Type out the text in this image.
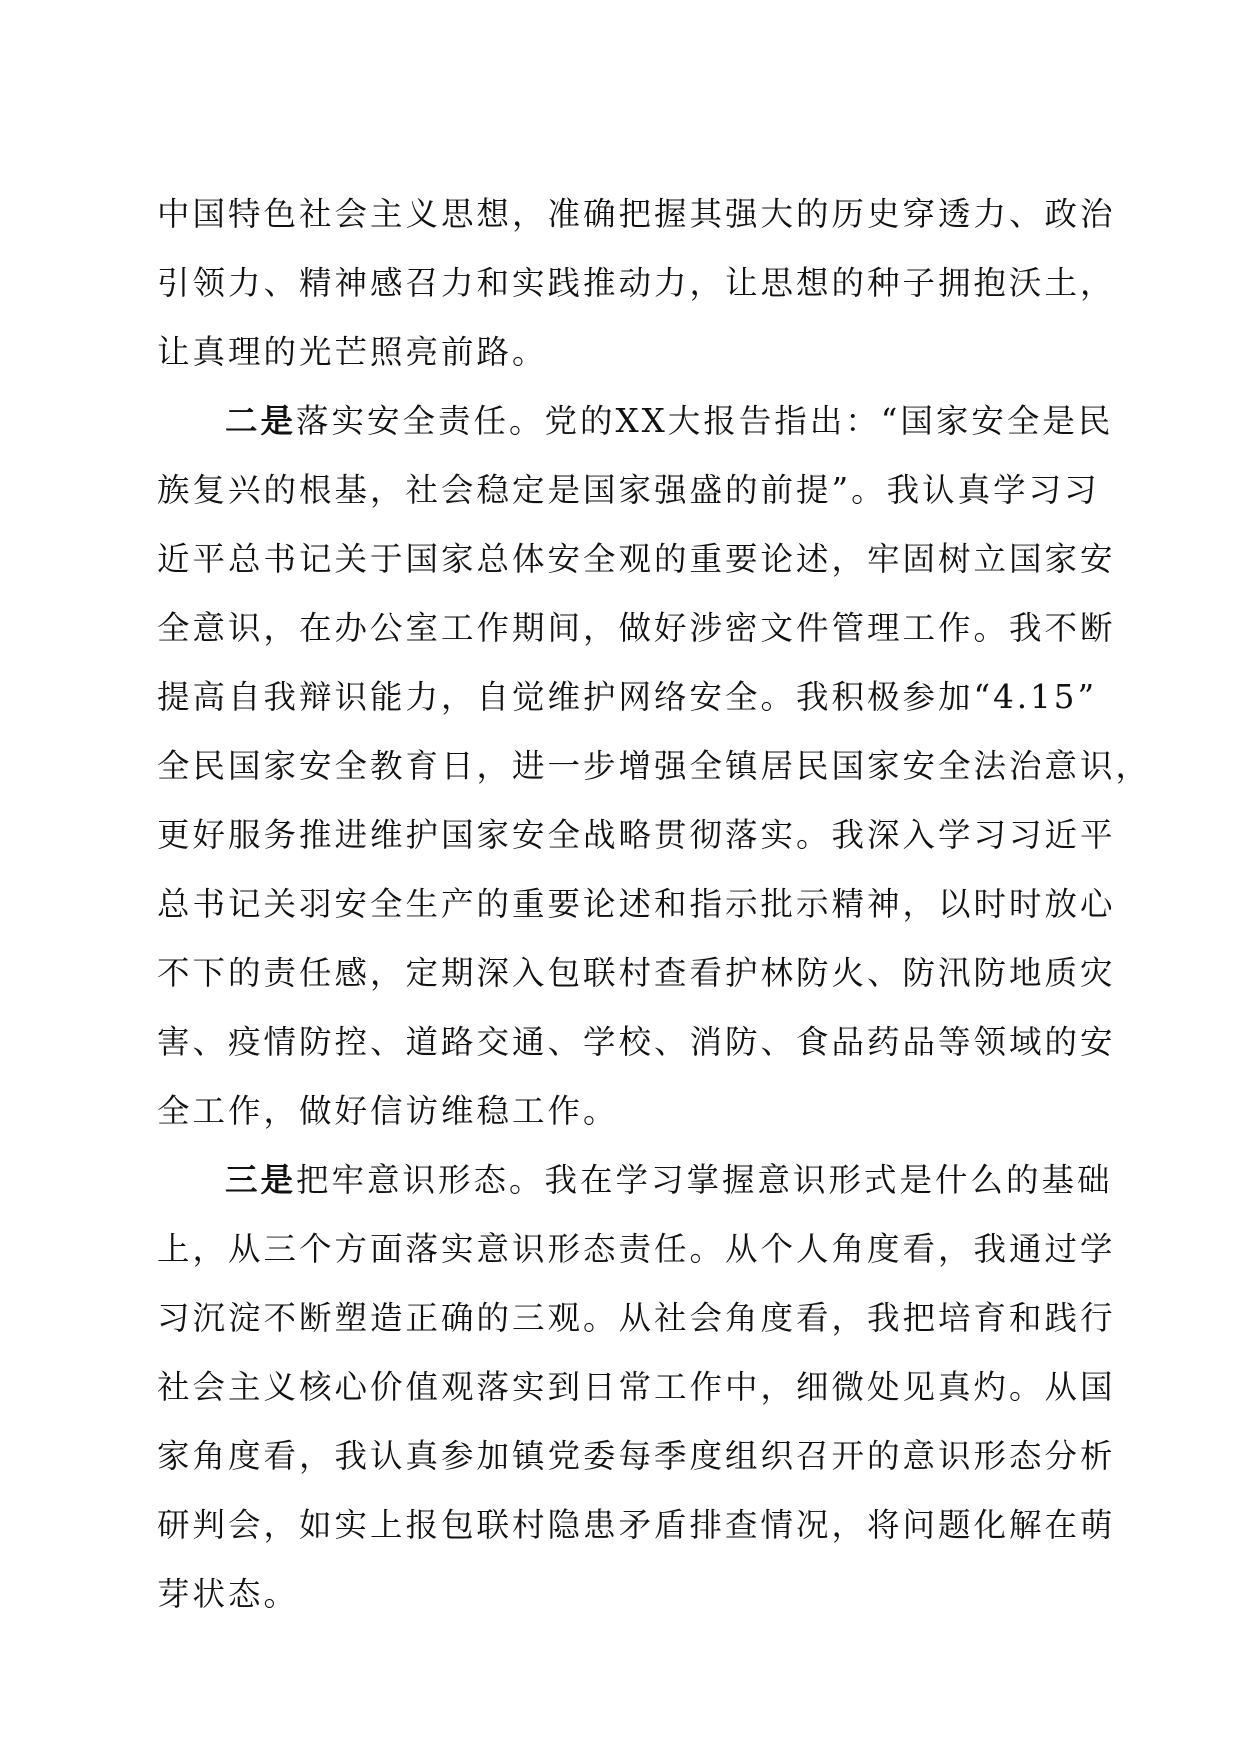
中国特色社会主义思想，准确把握其强大的历史穿透力、政治
引领力、精神感召力和实践推动力，让思想的种子拥抱沃土，
让真理的光芒照亮前路。
二是落实安全责任。党的XX大报告指出：“国家安全是民
族复兴的根基，社会稳定是国家强盛的前提”。我认真学习习
近平总书记关于国家总体安全观的重要论述，牢固树立国家安
全意识，在办公室工作期间，做好涉密文件管理工作。我不断
提高自我辩识能力，自觉维护网络安全。我积极参加“4.15”
全民国家安全教育日，进一步增强全镇居民国家安全法治意识，
更好服务推进维护国家安全战略贯彻落实。我深入学习习近平
总书记关羽安全生产的重要论述和指示批示精神，以时时放心
不下的责任感，定期深入包联村查看护林防火、防汛防地质灾
害、疫情防控、道路交通、学校、消防、食品药品等领域的安
全工作，做好信访维稳工作。
三是把牢意识形态。我在学习掌握意识形式是什么的基础
上，从三个方面落实意识形态责任。从个人角度看，我通过学
习沉淀不断塑造正确的三观。从社会角度看，我把培育和践行
社会主义核心价值观落实到日常工作中，细微处见真灼。从国
家角度看，我认真参加镇党委每季度组织召开的意识形态分析
研判会，如实上报包联村隐患矛盾排查情况，将问题化解在萌
芽状态。
